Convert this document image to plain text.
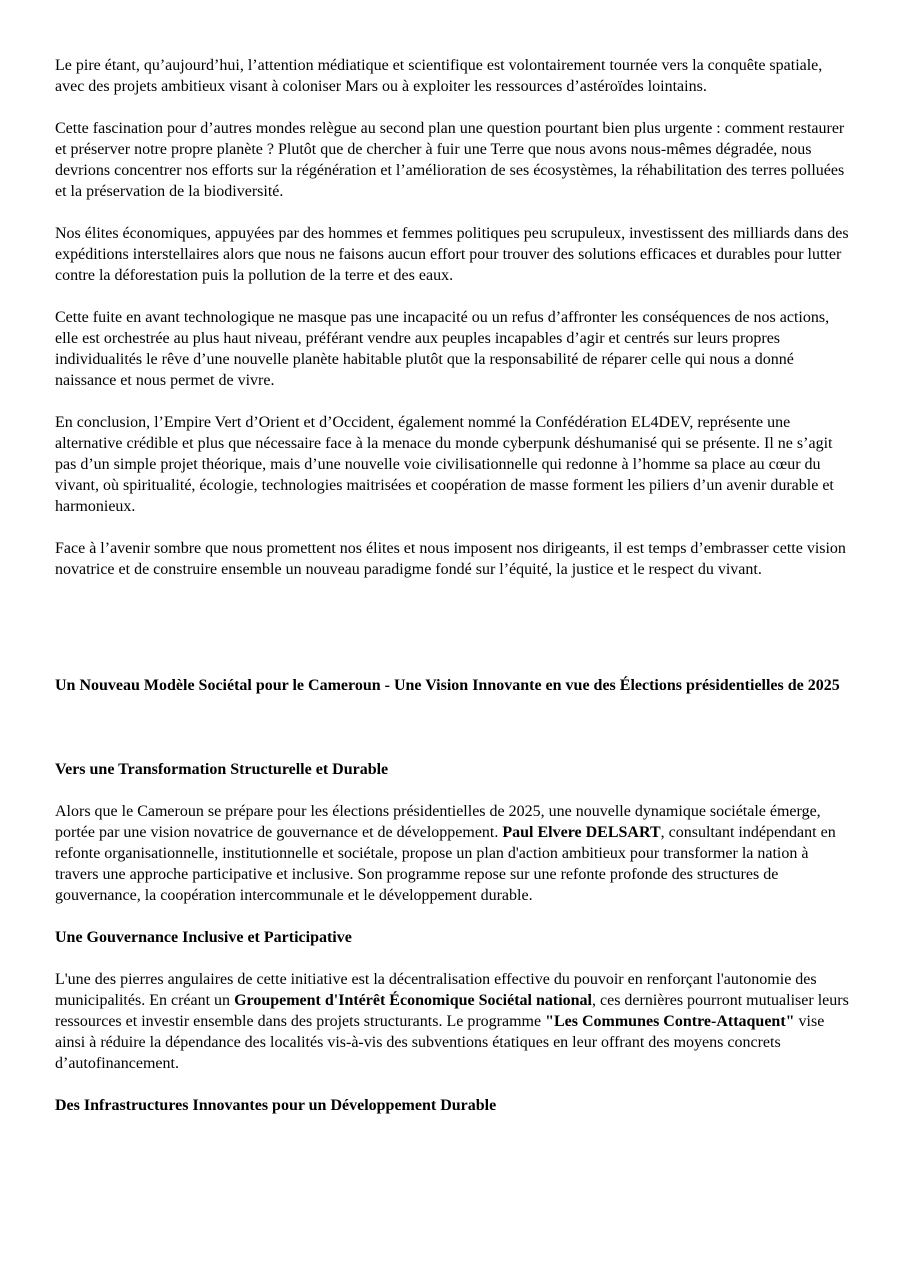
Le pire étant, qu’aujourd’hui, l’attention médiatique et scientifique est volontairement tournée vers la conquête spatiale, avec des projets ambitieux visant à coloniser Mars ou à exploiter les ressources d’astéroïdes lointains.

Cette fascination pour d’autres mondes relègue au second plan une question pourtant bien plus urgente : comment restaurer et préserver notre propre planète ? Plutôt que de chercher à fuir une Terre que nous avons nous-mêmes dégradée, nous devrions concentrer nos efforts sur la régénération et l’amélioration de ses écosystèmes, la réhabilitation des terres polluées et la préservation de la biodiversité.

Nos élites économiques, appuyées par des hommes et femmes politiques peu scrupuleux, investissent des milliards dans des expéditions interstellaires alors que nous ne faisons aucun effort pour trouver des solutions efficaces et durables pour lutter contre la déforestation puis la pollution de la terre et des eaux.

Cette fuite en avant technologique ne masque pas une incapacité ou un refus d’affronter les conséquences de nos actions, elle est orchestrée au plus haut niveau, préférant vendre aux peuples incapables d’agir et centrés sur leurs propres individualités le rêve d’une nouvelle planète habitable plutôt que la responsabilité de réparer celle qui nous a donné naissance et nous permet de vivre.

En conclusion, l’Empire Vert d’Orient et d’Occident, également nommé la Confédération EL4DEV, représente une alternative crédible et plus que nécessaire face à la menace du monde cyberpunk déshumanisé qui se présente. Il ne s’agit pas d’un simple projet théorique, mais d’une nouvelle voie civilisationnelle qui redonne à l’homme sa place au cœur du vivant, où spiritualité, écologie, technologies maitrisées et coopération de masse forment les piliers d’un avenir durable et harmonieux.

Face à l’avenir sombre que nous promettent nos élites et nous imposent nos dirigeants, il est temps d’embrasser cette vision novatrice et de construire ensemble un nouveau paradigme fondé sur l’équité, la justice et le respect du vivant.

Un Nouveau Modèle Sociétal pour le Cameroun - Une Vision Innovante en vue des Élections présidentielles de 2025

Vers une Transformation Structurelle et Durable

Alors que le Cameroun se prépare pour les élections présidentielles de 2025, une nouvelle dynamique sociétale émerge, portée par une vision novatrice de gouvernance et de développement. Paul Elvere DELSART, consultant indépendant en refonte organisationnelle, institutionnelle et sociétale, propose un plan d'action ambitieux pour transformer la nation à travers une approche participative et inclusive. Son programme repose sur une refonte profonde des structures de gouvernance, la coopération intercommunale et le développement durable.

Une Gouvernance Inclusive et Participative

L'une des pierres angulaires de cette initiative est la décentralisation effective du pouvoir en renforçant l'autonomie des municipalités. En créant un Groupement d'Intérêt Économique Sociétal national, ces dernières pourront mutualiser leurs ressources et investir ensemble dans des projets structurants. Le programme "Les Communes Contre-Attaquent" vise ainsi à réduire la dépendance des localités vis-à-vis des subventions étatiques en leur offrant des moyens concrets d’autofinancement.

Des Infrastructures Innovantes pour un Développement Durable
